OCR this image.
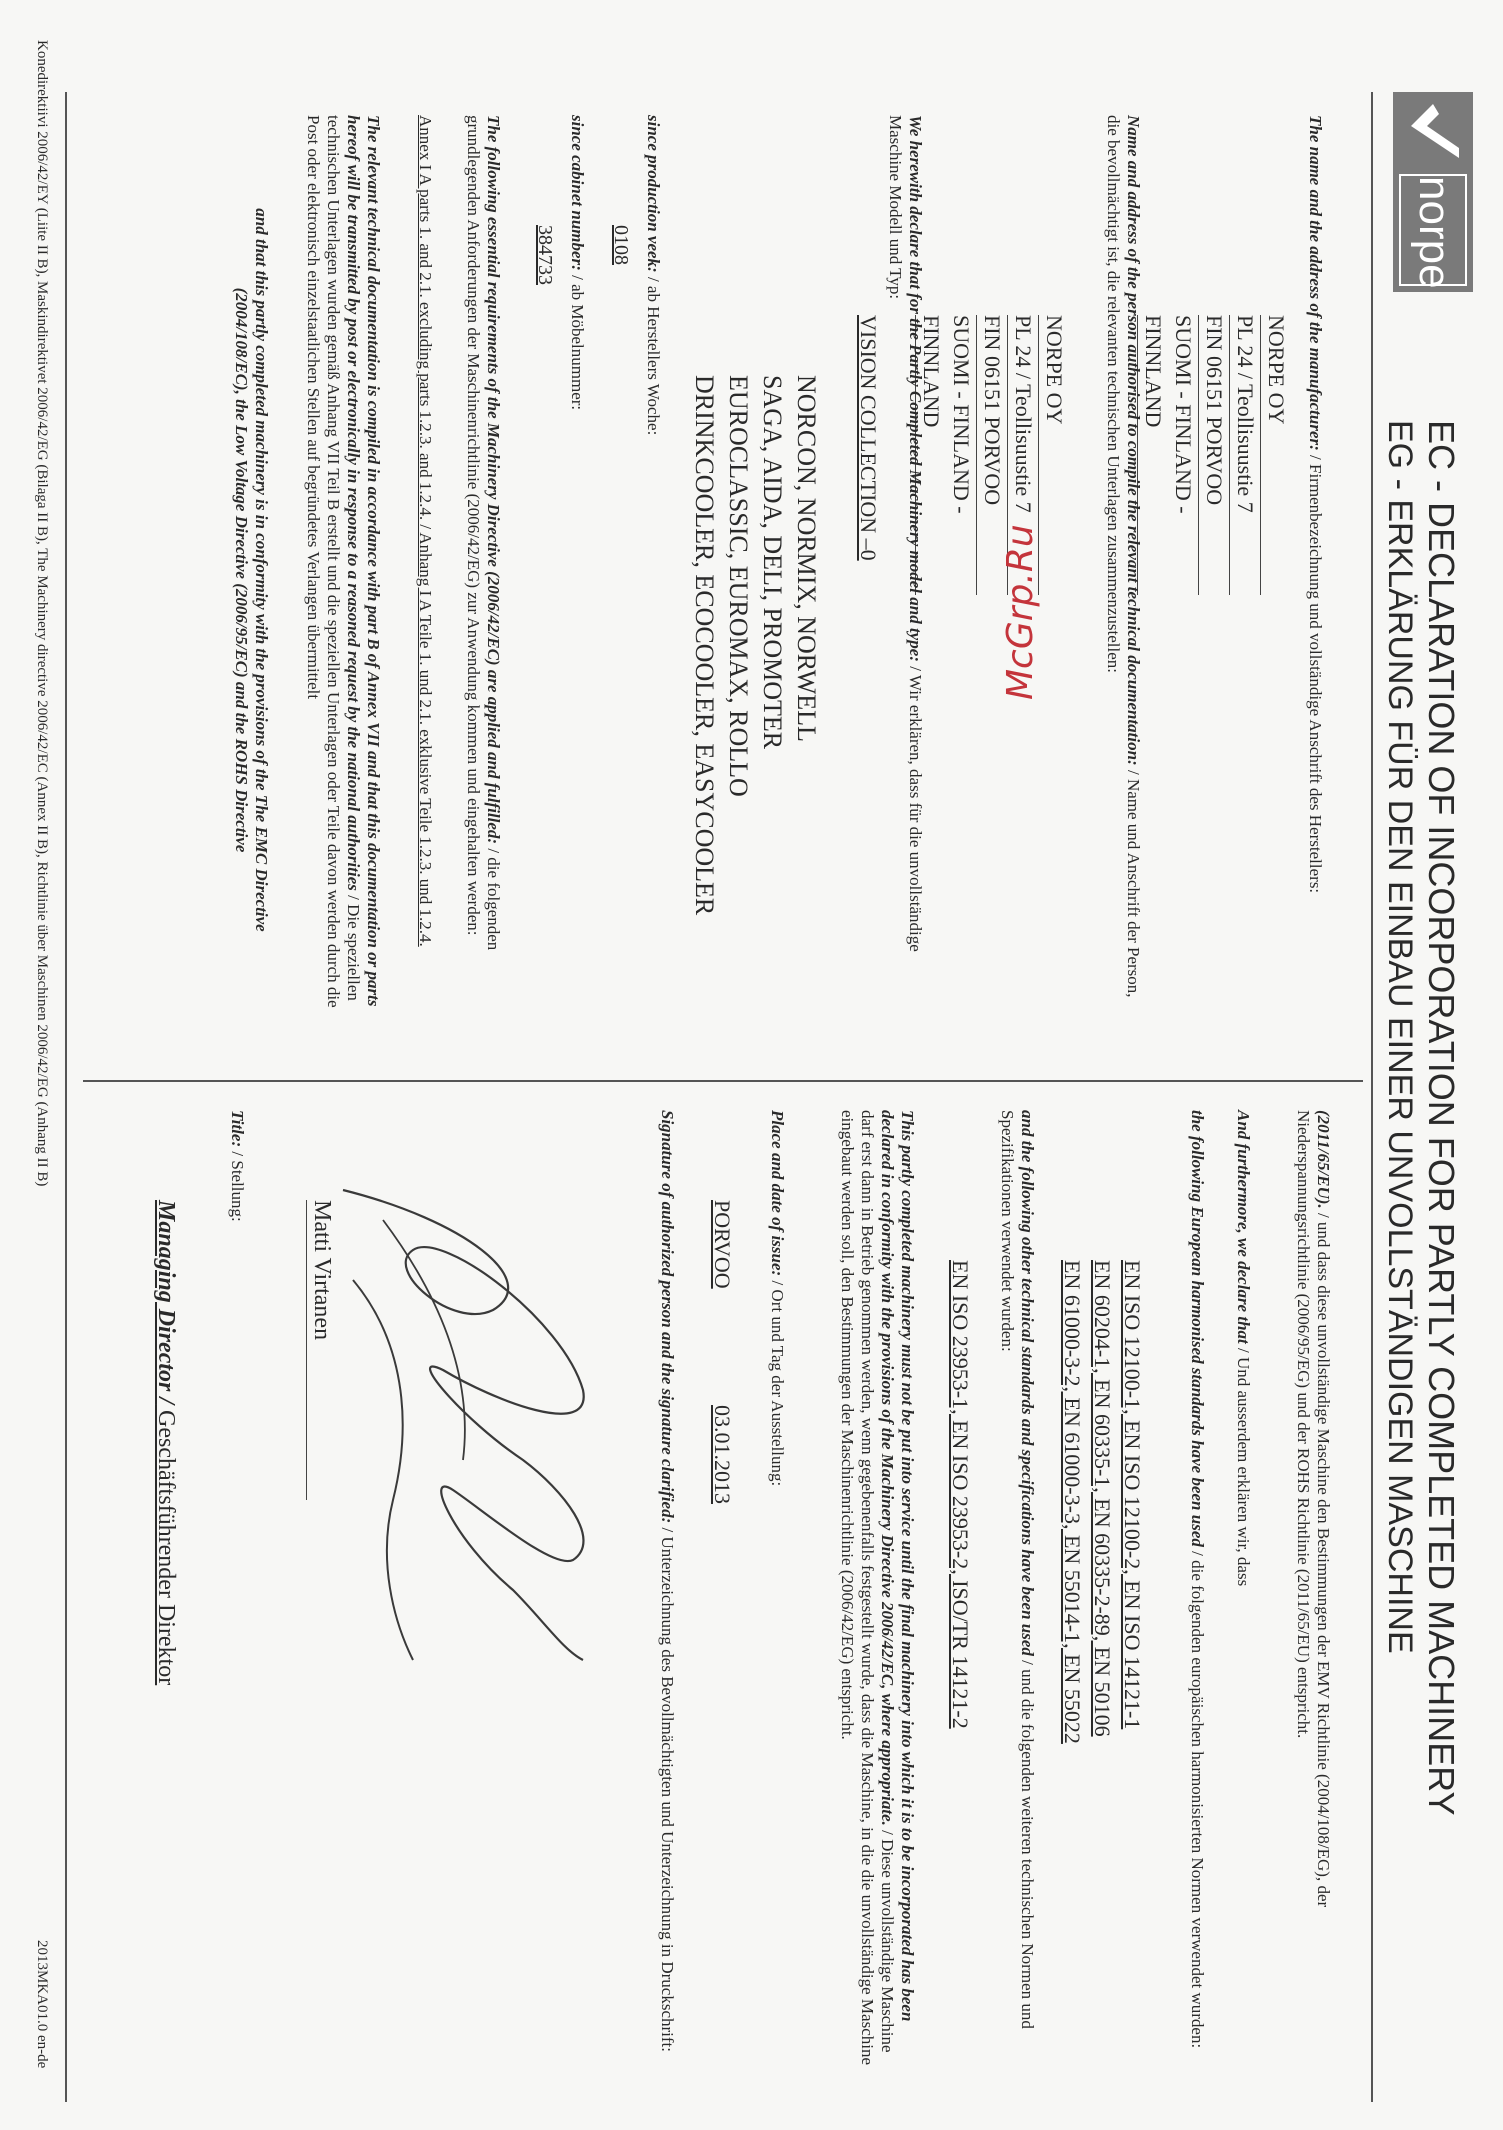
norpe
EC - DECLARATION OF INCORPORATION FOR PARTLY COMPLETED MACHINERY
EG - ERKLÄRUNG FÜR DEN EINBAU EINER UNVOLLSTÄNDIGEN MASCHINE
The name and the address of the manufacturer: / Firmenbezeichnung und vollständige Anschrift des Herstellers:
NORPE OY
PL 24 / Teollisuustie 7
FIN 06151 PORVOO
SUOMI - FINLAND - FINNLAND
Name and address of the person authorised to compile the relevant technical documentation: / Name und Anschrift der Person, die bevollmächtigt ist, die relevanten technischen Unterlagen zusammenzustellen:
NORPE OY
PL 24 / Teollisuustie 7
FIN 06151 PORVOO
SUOMI - FINLAND - FINNLAND
We herewith declare that for the Partly Completed Machinery model and type: / Wir erklären, dass für die unvollständige Maschine Modell und Typ:
VISION COLLECTION –0
NORCON, NORMIX, NORWELL
SAGA, AIDA, DELI, PROMOTER
EUROCLASSIC, EUROMAX, ROLLO
DRINKCOOLER, ECOCOOLER, EASYCOOLER
since production veek: / ab Herstellers Woche:
0108
since cabinet number: / ab Möbelnummer:
384733
The following essential requirements of the Machinery Directive (2006/42/EC) are applied and fulfilled: / die folgenden grundlegenden Anforderungen der Maschinenrichtlinie (2006/42/EG) zur Anwendung kommen und eingehalten werden:
Annex I A parts 1. and 2.1. excluding parts 1.2.3. and 1.2.4. / Anhang I A Teile 1. und 2.1. exklusive Teile 1.2.3. und 1.2.4.
The relevant technical documentation is compiled in accordance with part B of Annex VII and that this documentation or parts hereof will be transmitted by post or electronically in response to a reasoned request by the national authorities / Die speziellen technischen Unterlagen wurden gemäß Anhang VII Teil B erstellt und die speziellen Unterlagen oder Teile davon werden durch die Post oder elektronisch einzelstaatlichen Stellen auf begründetes Verlangen übermittelt
and that this partly completed machinery is in conformity with the provisions of the The EMC Directive (2004/108/EC), the Low Voltage Directive (2006/95/EC) and the ROHS Directive
(2011/65/EU). / und dass diese unvollständige Maschine den Bestimmungen der EMV Richtlinie (2004/108/EG), der Niederspannungsrichtlinie (2006/95/EG) und der ROHS Richtlinie (2011/65/EU) entspricht.
And furthermore, we declare that / Und ausserdem erklären wir, dass
the following European harmonised standards have been used / die folgenden europäischen harmonisierten Normen verwendet wurden:
EN ISO 12100-1, EN ISO 12100-2, EN ISO 14121-1
EN 60204-1, EN 60335-1, EN 60335-2-89, EN 50106
EN 61000-3-2, EN 61000-3-3, EN 55014-1, EN 55022
and the following other technical standards and specifications have been used / und die folgenden weiteren technischen Normen und Spezifikationen verwendet wurden:
EN ISO 23953-1, EN ISO 23953-2, ISO/TR 14121-2
This partly completed machinery must not be put into service until the final machinery into which it is to be incorporated has been declared in conformity with the provisions of the Machinery Directive 2006/42/EC, where appropriate. / Diese unvollständige Maschine darf erst dann in Betrieb genommen werden, wenn gegebenenfalls festgestellt wurde, dass die Maschine, in die die unvollständige Maschine eingebaut werden soll, den Bestimmungen der Maschinenrichtlinie (2006/42/EG) entspricht.
Place and date of issue: / Ort und Tag der Ausstellung:
PORVOO
03.01.2013
Signature of authorized person and the signature clarified: / Unterzeichnung des Bevollmächtigten und Unterzeichnung in Druckschrift:
Matti Virtanen
Title: / Stellung:
Managing Director / Geschäftsführender Direktor
Konedirektiivi 2006/42/EY (Liite II B), Maskindirektivet 2006/42/EG (Bilaga II B), The Machinery directive 2006/42/EC (Annex II B), Richtlinie über Maschinen 2006/42/EG (Anhang II B)
2013MKA01.0 en-de
McGrp.Ru
